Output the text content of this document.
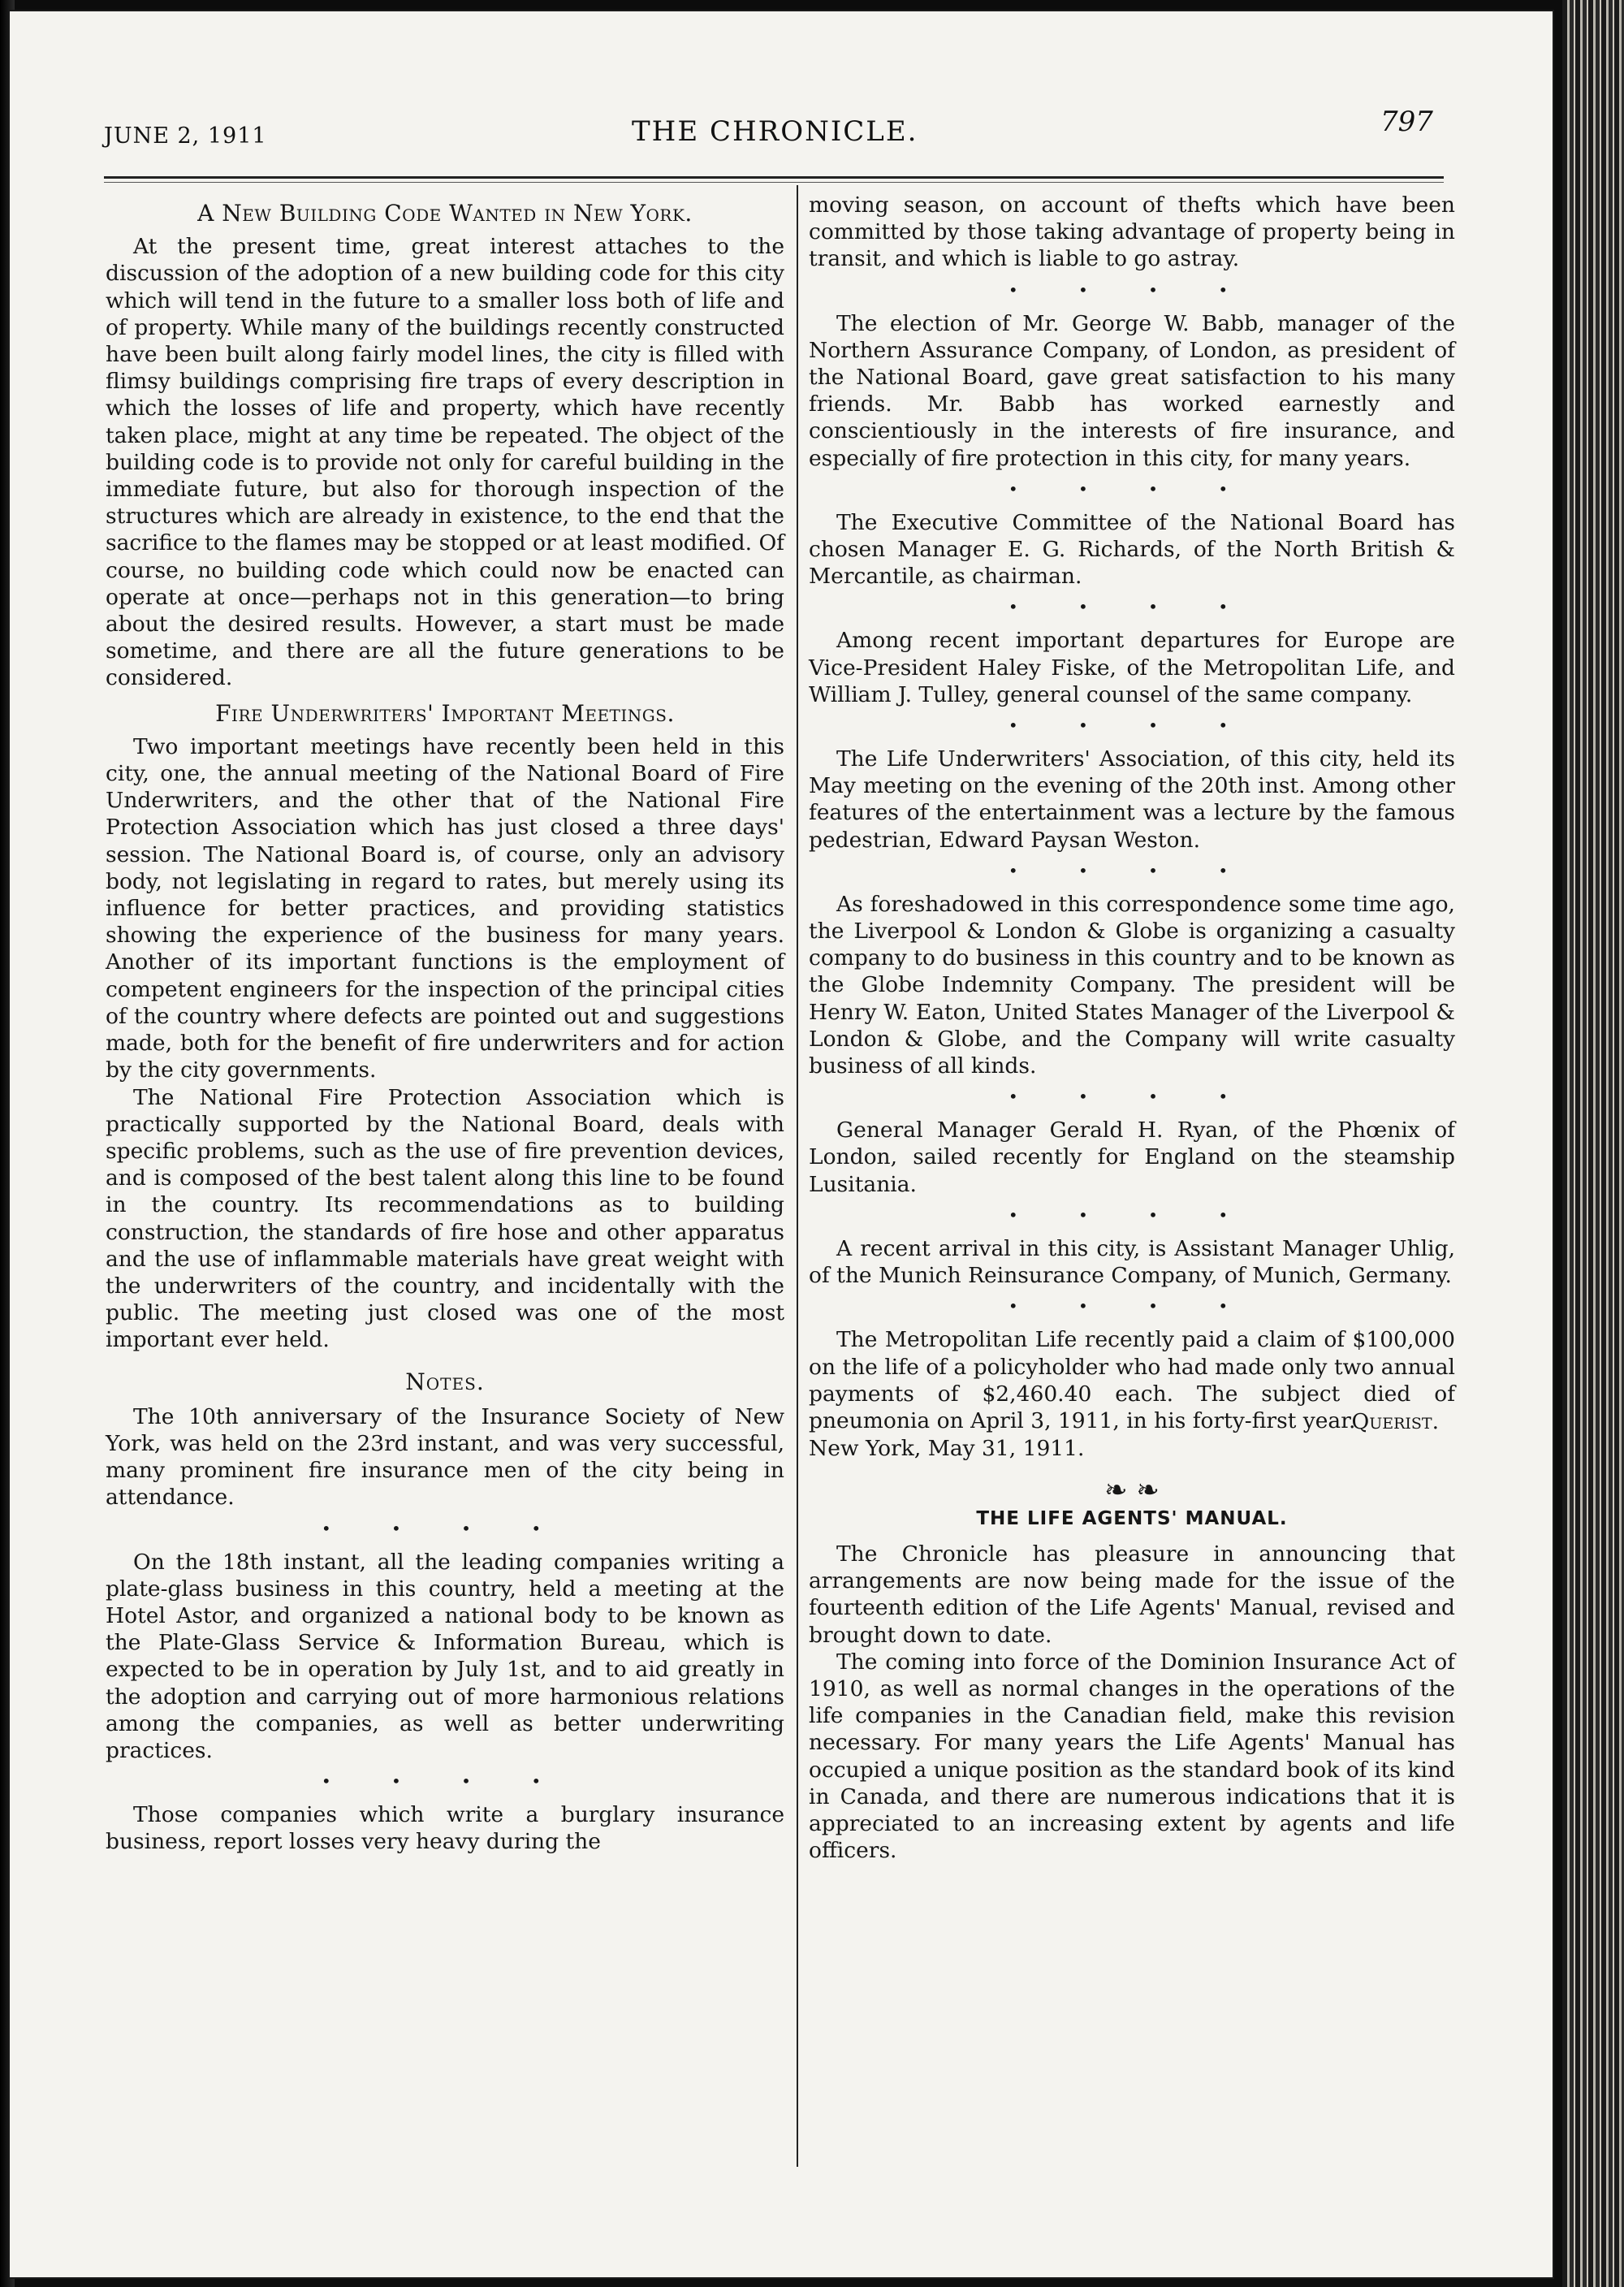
JUNE 2, 1911	THE CHRONICLE.	797
A New Building Code Wanted in New York.

At the present time, great interest attaches to the discussion of the adoption of a new building code for this city which will tend in the future to a smaller loss both of life and of property. While many of the buildings recently constructed have been built along fairly model lines, the city is filled with flimsy buildings comprising fire traps of every description in which the losses of life and property, which have recently taken place, might at any time be repeated. The object of the building code is to provide not only for careful building in the immediate future, but also for thorough inspection of the structures which are already in existence, to the end that the sacrifice to the flames may be stopped or at least modified. Of course, no building code which could now be enacted can operate at once—perhaps not in this generation—to bring about the desired results. However, a start must be made sometime, and there are all the future generations to be considered.

Fire Underwriters' Important Meetings.

Two important meetings have recently been held in this city, one, the annual meeting of the National Board of Fire Underwriters, and the other that of the National Fire Protection Association which has just closed a three days' session. The National Board is, of course, only an advisory body, not legislating in regard to rates, but merely using its influence for better practices, and providing statistics showing the experience of the business for many years. Another of its important functions is the employment of competent engineers for the inspection of the principal cities of the country where defects are pointed out and suggestions made, both for the benefit of fire underwriters and for action by the city governments.

The National Fire Protection Association which is practically supported by the National Board, deals with specific problems, such as the use of fire prevention devices, and is composed of the best talent along this line to be found in the country. Its recommendations as to building construction, the standards of fire hose and other apparatus and the use of inflammable materials have great weight with the underwriters of the country, and incidentally with the public. The meeting just closed was one of the most important ever held.

Notes.

The 10th anniversary of the Insurance Society of New York, was held on the 23rd instant, and was very successful, many prominent fire insurance men of the city being in attendance.

• • • •

On the 18th instant, all the leading companies writing a plate-glass business in this country, held a meeting at the Hotel Astor, and organized a national body to be known as the Plate-Glass Service & Information Bureau, which is expected to be in operation by July 1st, and to aid greatly in the adoption and carrying out of more harmonious relations among the companies, as well as better underwriting practices.

• • • •

Those companies which write a burglary insurance business, report losses very heavy during the

moving season, on account of thefts which have been committed by those taking advantage of property being in transit, and which is liable to go astray.

• • • •

The election of Mr. George W. Babb, manager of the Northern Assurance Company, of London, as president of the National Board, gave great satisfaction to his many friends. Mr. Babb has worked earnestly and conscientiously in the interests of fire insurance, and especially of fire protection in this city, for many years.

• • • •

The Executive Committee of the National Board has chosen Manager E. G. Richards, of the North British & Mercantile, as chairman.

• • • •

Among recent important departures for Europe are Vice-President Haley Fiske, of the Metropolitan Life, and William J. Tulley, general counsel of the same company.

• • • •

The Life Underwriters' Association, of this city, held its May meeting on the evening of the 20th inst. Among other features of the entertainment was a lecture by the famous pedestrian, Edward Paysan Weston.

• • • •

As foreshadowed in this correspondence some time ago, the Liverpool & London & Globe is organizing a casualty company to do business in this country and to be known as the Globe Indemnity Company. The president will be Henry W. Eaton, United States Manager of the Liverpool & London & Globe, and the Company will write casualty business of all kinds.

• • • •

General Manager Gerald H. Ryan, of the Phœnix of London, sailed recently for England on the steamship Lusitania.

• • • •

A recent arrival in this city, is Assistant Manager Uhlig, of the Munich Reinsurance Company, of Munich, Germany.

• • • •

The Metropolitan Life recently paid a claim of $100,000 on the life of a policyholder who had made only two annual payments of $2,460.40 each. The subject died of pneumonia on April 3, 1911, in his forty-first year.

Querist.

New York, May 31, 1911.

❧ ❧
THE LIFE AGENTS' MANUAL.

The Chronicle has pleasure in announcing that arrangements are now being made for the issue of the fourteenth edition of the Life Agents' Manual, revised and brought down to date.

The coming into force of the Dominion Insurance Act of 1910, as well as normal changes in the operations of the life companies in the Canadian field, make this revision necessary. For many years the Life Agents' Manual has occupied a unique position as the standard book of its kind in Canada, and there are numerous indications that it is appreciated to an increasing extent by agents and life officers.
